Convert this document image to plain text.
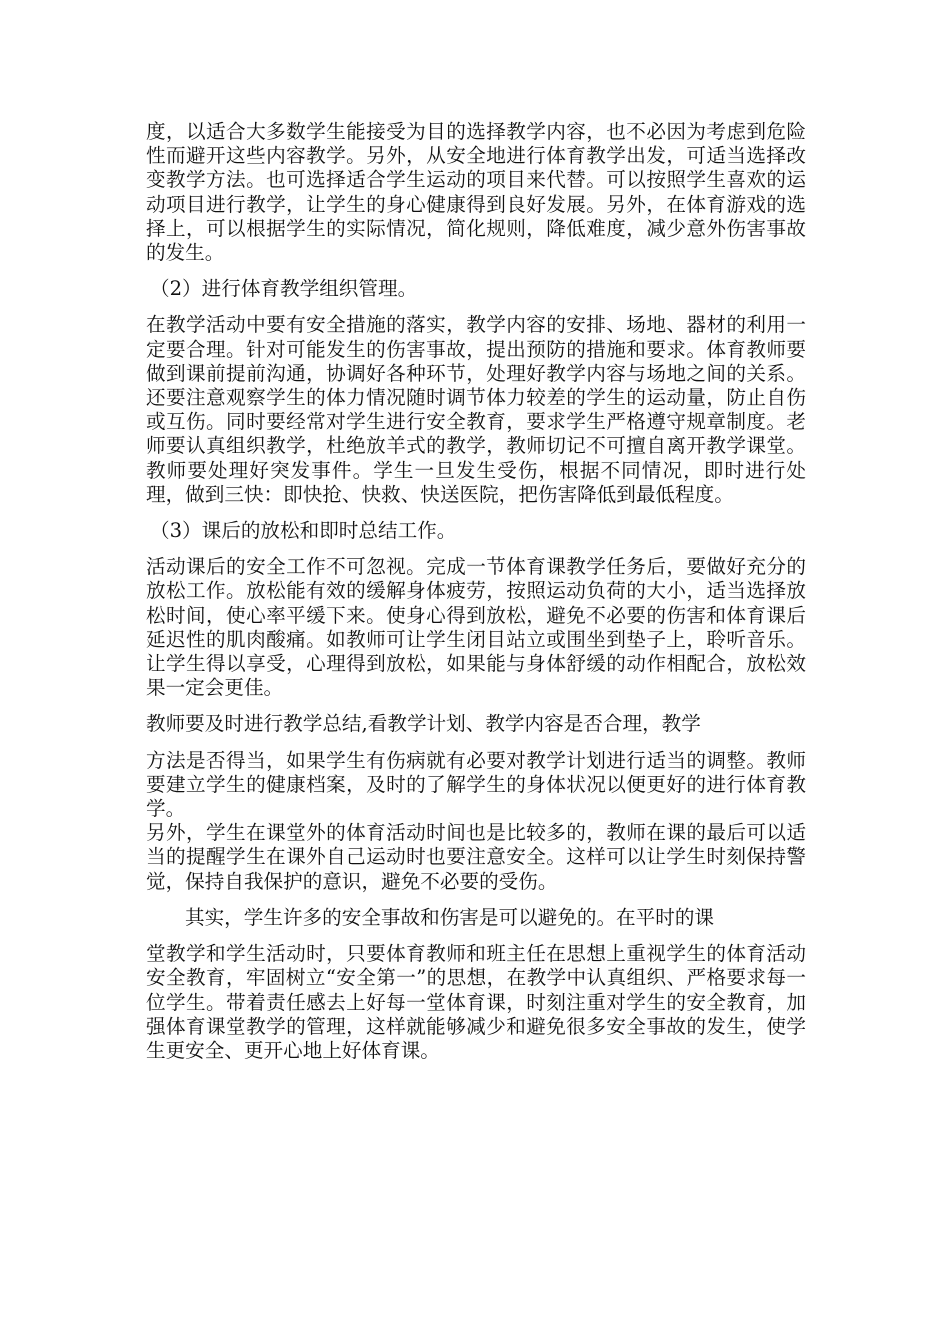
度，以适合大多数学生能接受为目的选择教学内容，也不必因为考虑到危险性而避开这些内容教学。另外，从安全地进行体育教学出发，可适当选择改变教学方法。也可选择适合学生运动的项目来代替。可以按照学生喜欢的运动项目进行教学，让学生的身心健康得到良好发展。另外，在体育游戏的选择上，可以根据学生的实际情况，简化规则，降低难度，减少意外伤害事故的发生。

（2）进行体育教学组织管理。

在教学活动中要有安全措施的落实，教学内容的安排、场地、器材的利用一定要合理。针对可能发生的伤害事故，提出预防的措施和要求。体育教师要做到课前提前沟通，协调好各种环节，处理好教学内容与场地之间的关系。还要注意观察学生的体力情况随时调节体力较差的学生的运动量，防止自伤或互伤。同时要经常对学生进行安全教育，要求学生严格遵守规章制度。老师要认真组织教学，杜绝放羊式的教学，教师切记不可擅自离开教学课堂。教师要处理好突发事件。学生一旦发生受伤，根据不同情况，即时进行处理，做到三快：即快抢、快救、快送医院，把伤害降低到最低程度。

（3）课后的放松和即时总结工作。

活动课后的安全工作不可忽视。完成一节体育课教学任务后，要做好充分的放松工作。放松能有效的缓解身体疲劳，按照运动负荷的大小，适当选择放松时间，使心率平缓下来。使身心得到放松，避免不必要的伤害和体育课后延迟性的肌肉酸痛。如教师可让学生闭目站立或围坐到垫子上，聆听音乐。让学生得以享受，心理得到放松，如果能与身体舒缓的动作相配合，放松效果一定会更佳。

教师要及时进行教学总结,看教学计划、教学内容是否合理，教学

方法是否得当，如果学生有伤病就有必要对教学计划进行适当的调整。教师要建立学生的健康档案，及时的了解学生的身体状况以便更好的进行体育教学。

另外，学生在课堂外的体育活动时间也是比较多的，教师在课的最后可以适当的提醒学生在课外自己运动时也要注意安全。这样可以让学生时刻保持警觉，保持自我保护的意识，避免不必要的受伤。

其实，学生许多的安全事故和伤害是可以避免的。在平时的课

堂教学和学生活动时，只要体育教师和班主任在思想上重视学生的体育活动安全教育，牢固树立“安全第一”的思想，在教学中认真组织、严格要求每一位学生。带着责任感去上好每一堂体育课，时刻注重对学生的安全教育，加强体育课堂教学的管理，这样就能够减少和避免很多安全事故的发生，使学生更安全、更开心地上好体育课。
